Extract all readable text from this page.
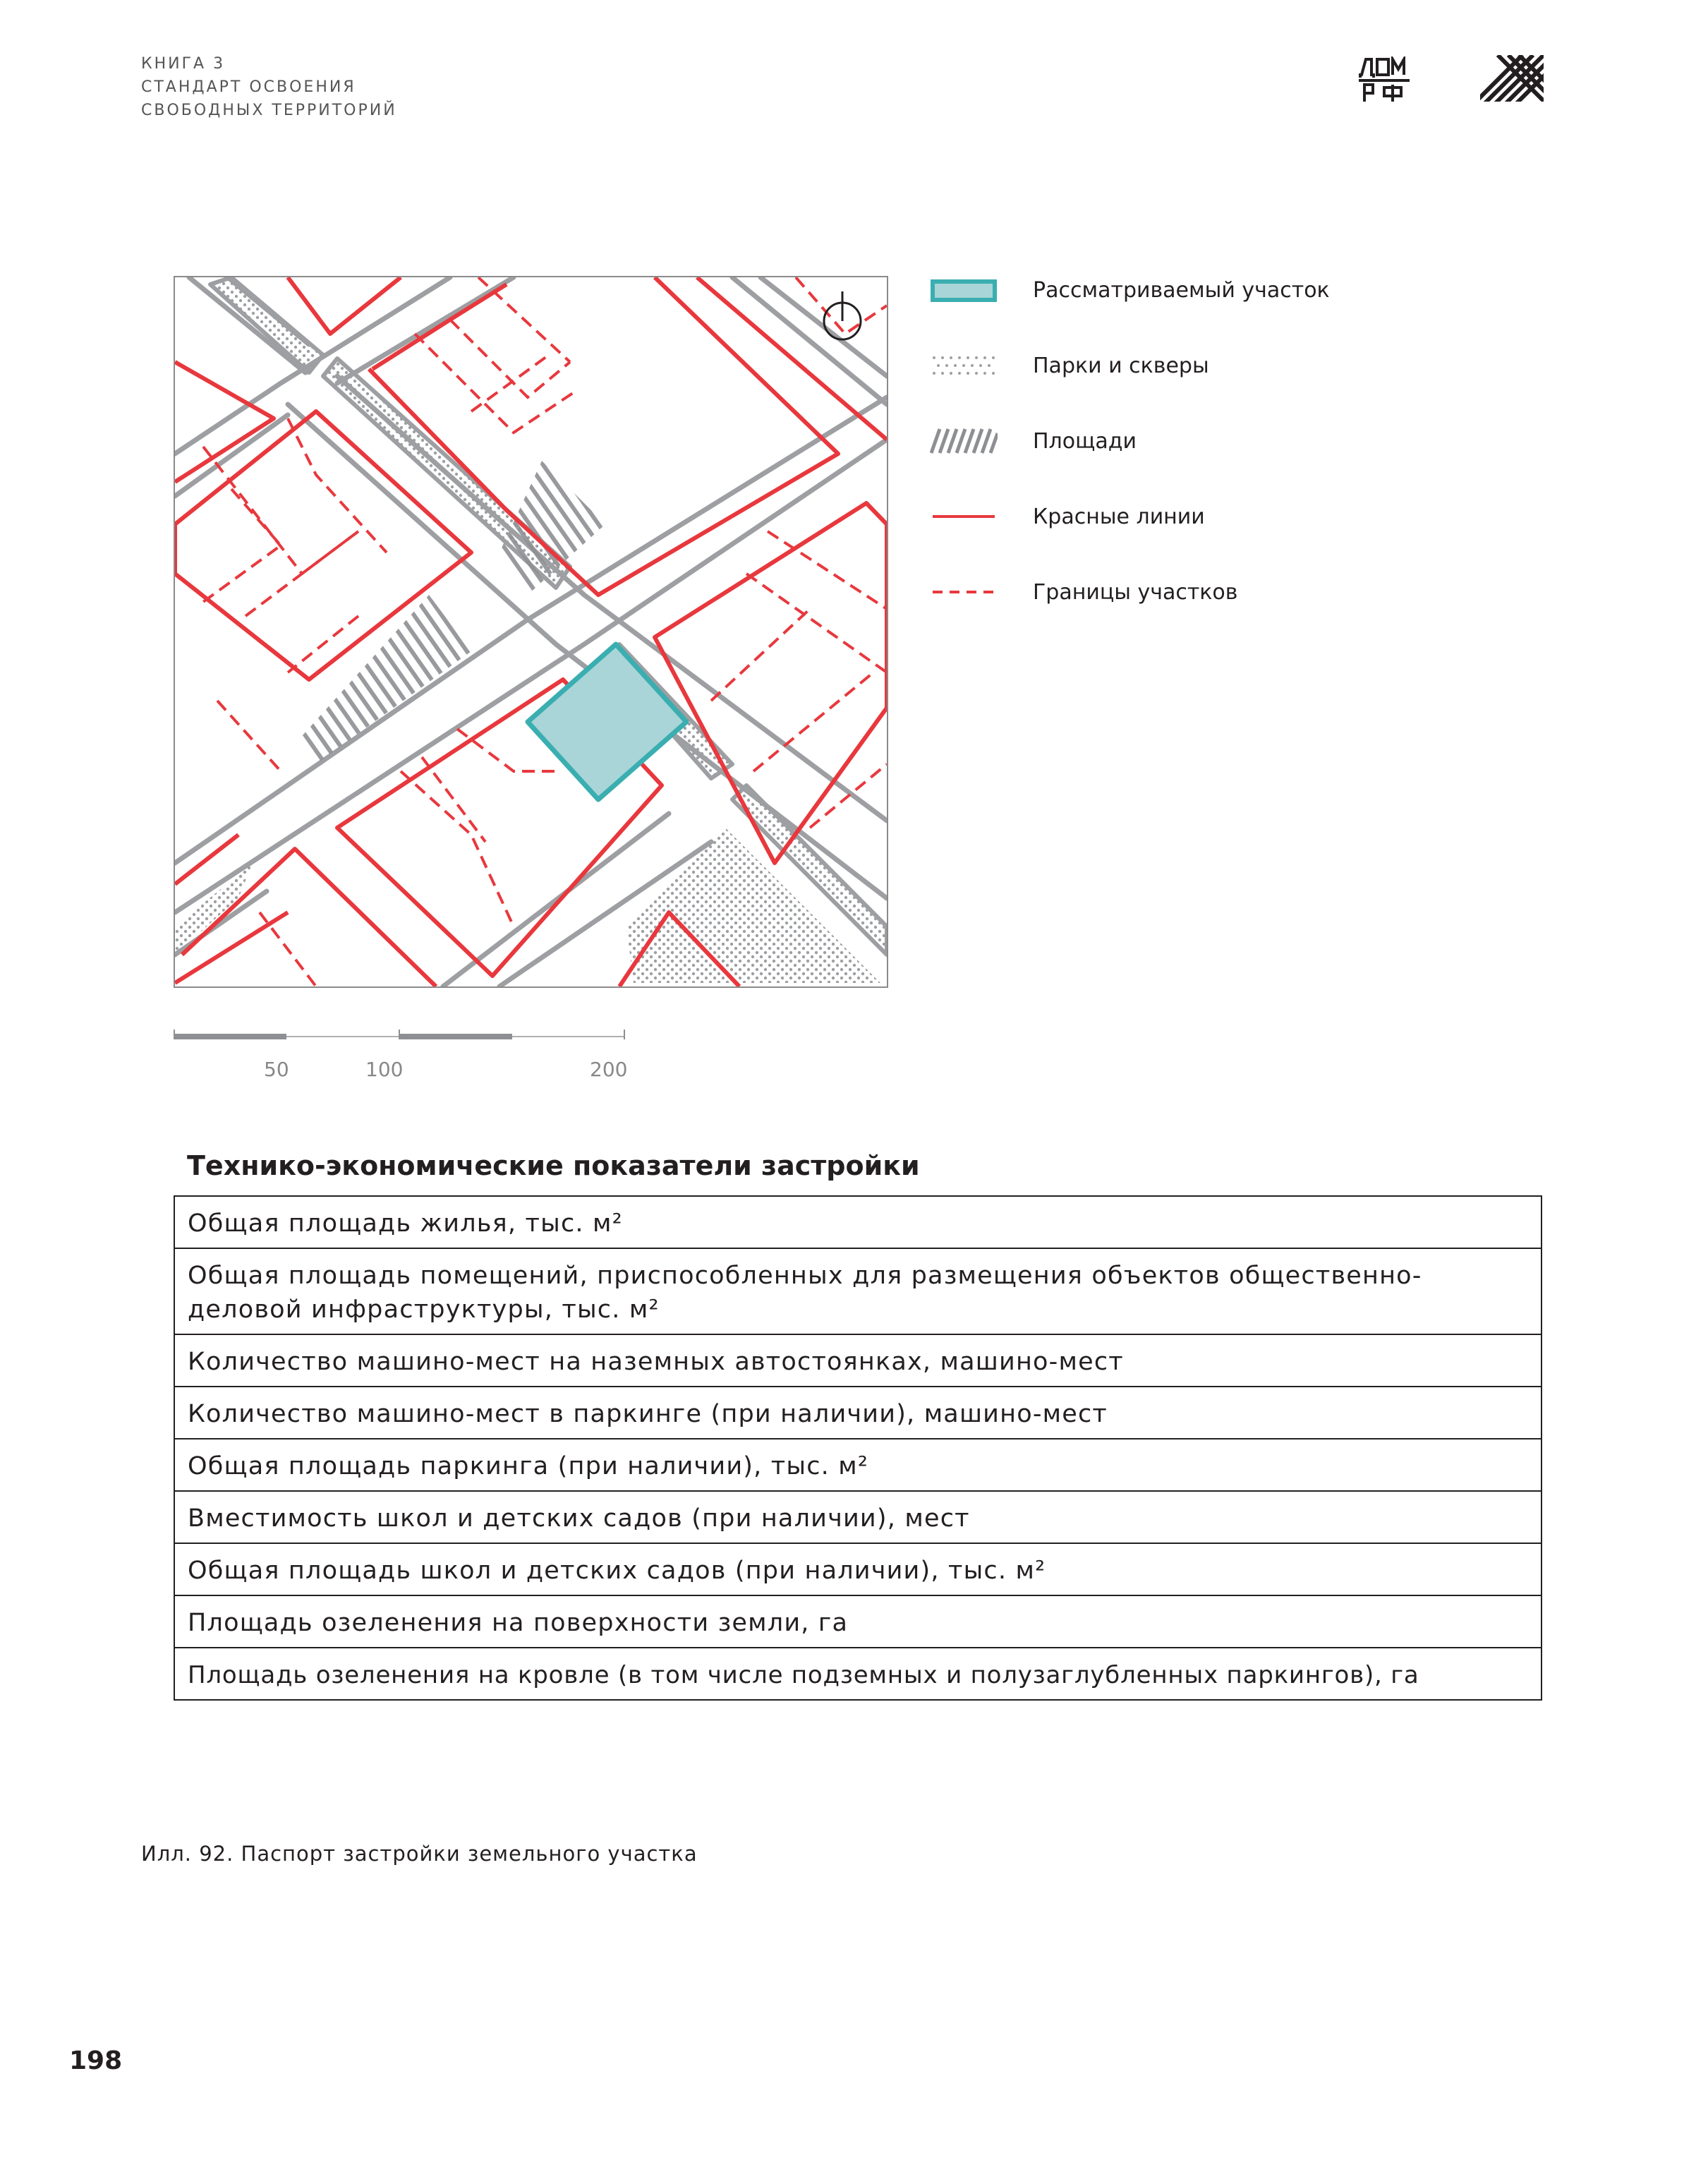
КНИГА 3
СТАНДАРТ ОСВОЕНИЯ
СВОБОДНЫХ ТЕРРИТОРИЙ
Рассматриваемый участок
Парки и скверы
Площади
Красные линии
Границы участков
50	100	200
Технико-экономические показатели застройки
Общая площадь жилья, тыс. м²
Общая площадь помещений, приспособленных для размещения объектов общественно-деловой инфраструктуры, тыс. м²
Количество машино-мест на наземных автостоянках, машино-мест
Количество машино-мест в паркинге (при наличии), машино-мест
Общая площадь паркинга (при наличии), тыс. м²
Вместимость школ и детских садов (при наличии), мест
Общая площадь школ и детских садов (при наличии), тыс. м²
Площадь озеленения на поверхности земли, га
Площадь озеленения на кровле (в том числе подземных и полузаглубленных паркингов), га
Илл. 92. Паспорт застройки земельного участка
198
